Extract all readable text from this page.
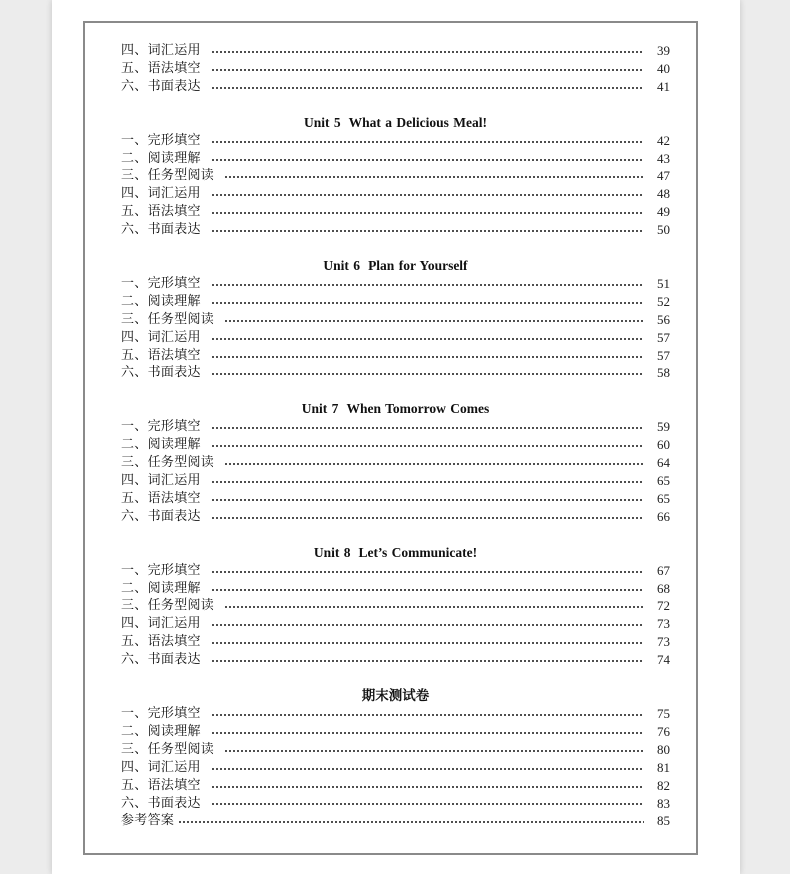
四、词汇运用	39
五、语法填空	40
六、书面表达	41
Unit 5 What a Delicious Meal!
一、完形填空	42
二、阅读理解	43
三、任务型阅读	47
四、词汇运用	48
五、语法填空	49
六、书面表达	50
Unit 6 Plan for Yourself
一、完形填空	51
二、阅读理解	52
三、任务型阅读	56
四、词汇运用	57
五、语法填空	57
六、书面表达	58
Unit 7 When Tomorrow Comes
一、完形填空	59
二、阅读理解	60
三、任务型阅读	64
四、词汇运用	65
五、语法填空	65
六、书面表达	66
Unit 8 Let’s Communicate!
一、完形填空	67
二、阅读理解	68
三、任务型阅读	72
四、词汇运用	73
五、语法填空	73
六、书面表达	74
期末测试卷
一、完形填空	75
二、阅读理解	76
三、任务型阅读	80
四、词汇运用	81
五、语法填空	82
六、书面表达	83
参考答案	85
